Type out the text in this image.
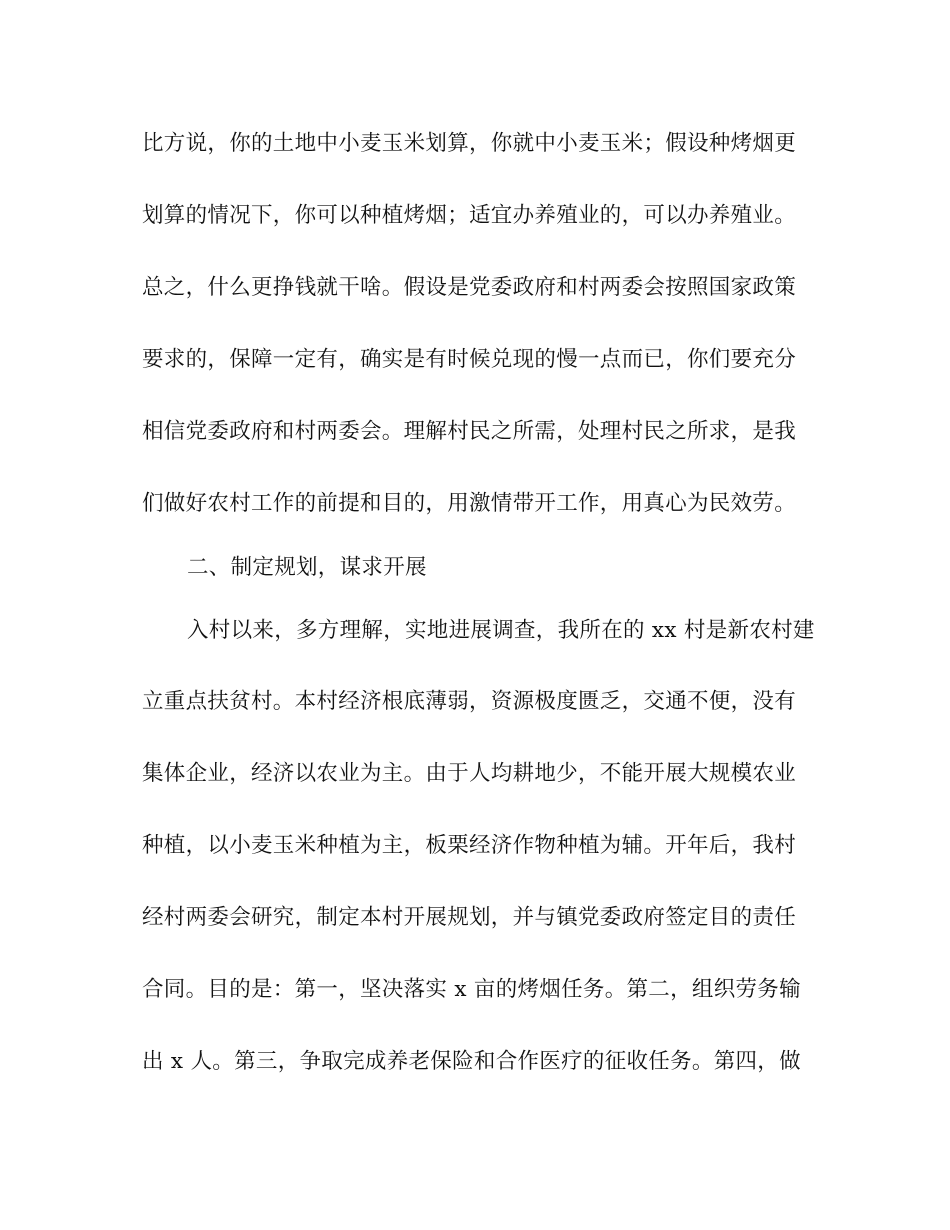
比方说，你的土地中小麦玉米划算，你就中小麦玉米；假设种烤烟更
划算的情况下，你可以种植烤烟；适宜办养殖业的，可以办养殖业。
总之，什么更挣钱就干啥。假设是党委政府和村两委会按照国家政策
要求的，保障一定有，确实是有时候兑现的慢一点而已，你们要充分
相信党委政府和村两委会。理解村民之所需，处理村民之所求，是我
们做好农村工作的前提和目的，用激情带开工作，用真心为民效劳。
二、制定规划，谋求开展
入村以来，多方理解，实地进展调查，我所在的 xx 村是新农村建
立重点扶贫村。本村经济根底薄弱，资源极度匮乏，交通不便，没有
集体企业，经济以农业为主。由于人均耕地少，不能开展大规模农业
种植，以小麦玉米种植为主，板栗经济作物种植为辅。开年后，我村
经村两委会研究，制定本村开展规划，并与镇党委政府签定目的责任
合同。目的是：第一，坚决落实 x 亩的烤烟任务。第二，组织劳务输
出 x 人。第三，争取完成养老保险和合作医疗的征收任务。第四，做
